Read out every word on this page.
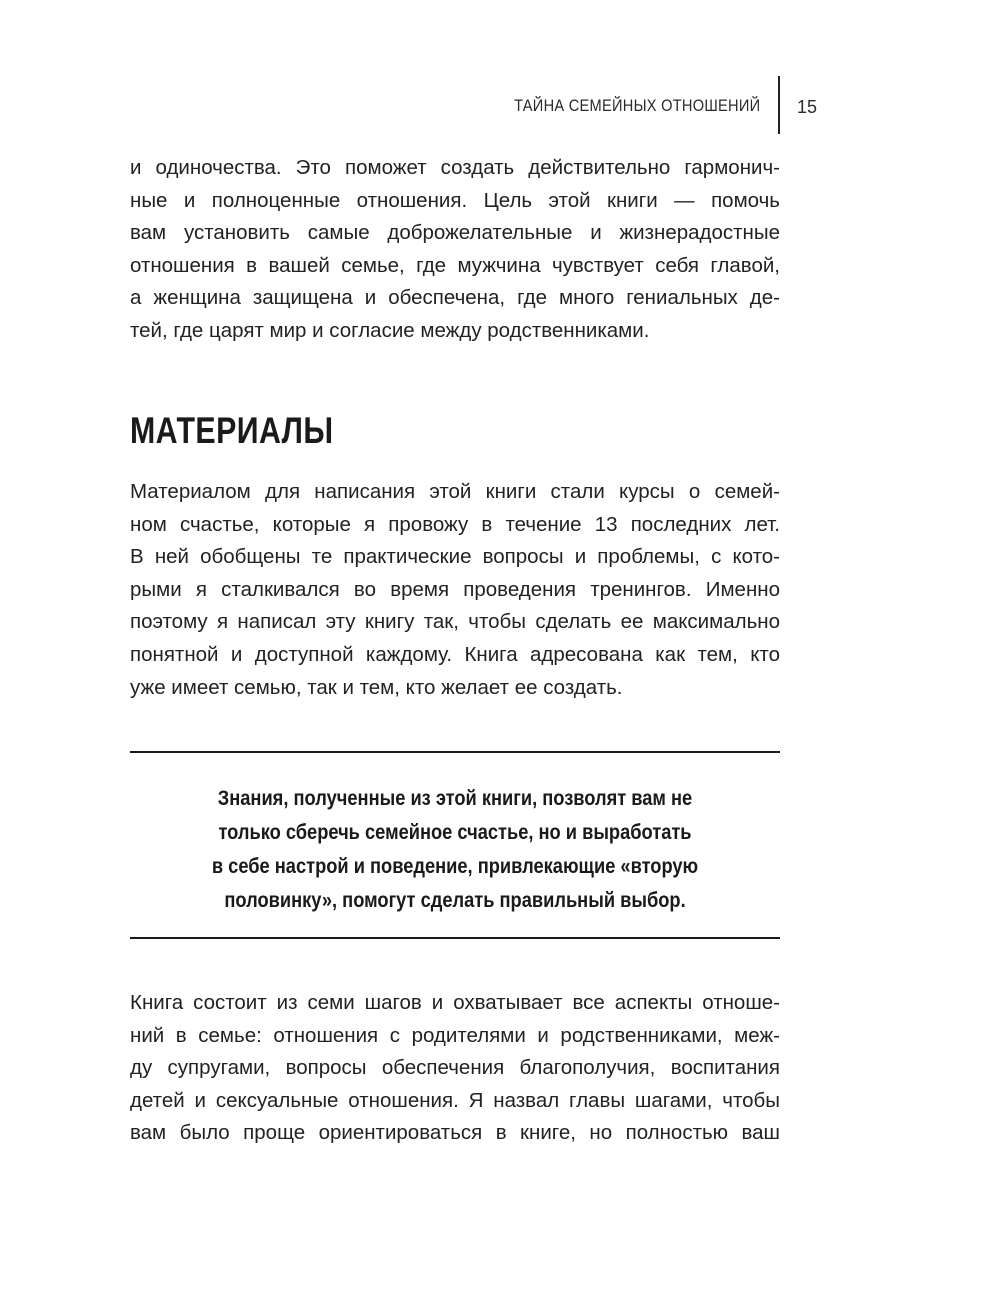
ТАЙНА СЕМЕЙНЫХ ОТНОШЕНИЙ 15

и одиночества. Это поможет создать действительно гармонич-
ные и полноценные отношения. Цель этой книги — помочь
вам установить самые доброжелательные и жизнерадостные
отношения в вашей семье, где мужчина чувствует себя главой,
а женщина защищена и обеспечена, где много гениальных де-
тей, где царят мир и согласие между родственниками.

МАТЕРИАЛЫ

Материалом для написания этой книги стали курсы о семей-
ном счастье, которые я провожу в течение 13 последних лет.
В ней обобщены те практические вопросы и проблемы, с кото-
рыми я сталкивался во время проведения тренингов. Именно
поэтому я написал эту книгу так, чтобы сделать ее максимально
понятной и доступной каждому. Книга адресована как тем, кто
уже имеет семью, так и тем, кто желает ее создать.

Знания, полученные из этой книги, позволят вам не
только сберечь семейное счастье, но и выработать
в себе настрой и поведение, привлекающие «вторую
половинку», помогут сделать правильный выбор.

Книга состоит из семи шагов и охватывает все аспекты отноше-
ний в семье: отношения с родителями и родственниками, меж-
ду супругами, вопросы обеспечения благополучия, воспитания
детей и сексуальные отношения. Я назвал главы шагами, чтобы
вам было проще ориентироваться в книге, но полностью ваш
